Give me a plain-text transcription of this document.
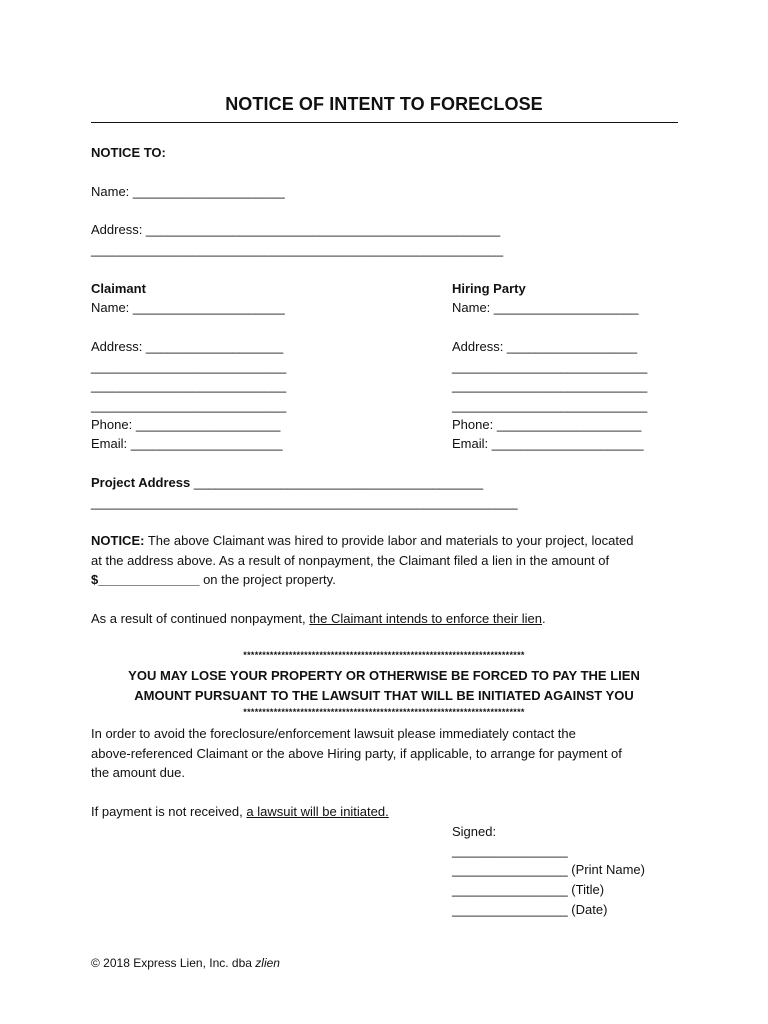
NOTICE OF INTENT TO FORECLOSE
NOTICE TO:
Name: _____________________
Address: _________________________________________________
_________________________________________________________
Claimant
Name: _____________________
Address: ___________________
___________________________
___________________________
___________________________
Phone: ____________________
Email: _____________________
Hiring Party
Name: ____________________
Address: __________________
___________________________
___________________________
___________________________
Phone: ____________________
Email: _____________________
Project Address ________________________________________
___________________________________________________________
NOTICE: The above Claimant was hired to provide labor and materials to your project, located
at the address above. As a result of nonpayment, the Claimant filed a lien in the amount of
$______________ on the project property.
As a result of continued nonpayment, the Claimant intends to enforce their lien.
**************************************************************************
YOU MAY LOSE YOUR PROPERTY OR OTHERWISE BE FORCED TO PAY THE LIEN
AMOUNT PURSUANT TO THE LAWSUIT THAT WILL BE INITIATED AGAINST YOU
**************************************************************************
In order to avoid the foreclosure/enforcement lawsuit please immediately contact the
above-referenced Claimant or the above Hiring party, if applicable, to arrange for payment of
the amount due.
If payment is not received, a lawsuit will be initiated.
Signed:
________________
________________ (Print Name)
________________ (Title)
________________ (Date)
© 2018 Express Lien, Inc. dba zlien
